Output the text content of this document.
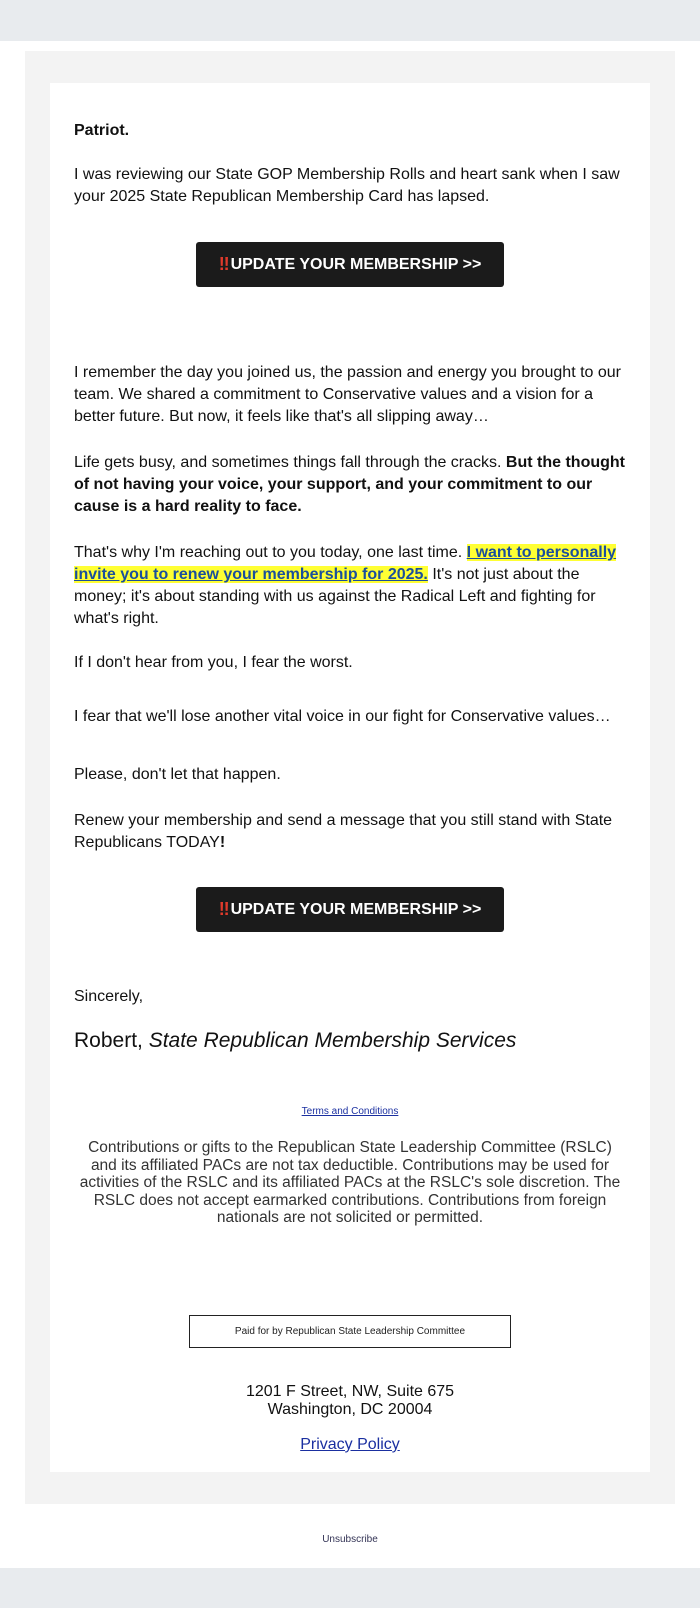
Patriot.

I was reviewing our State GOP Membership Rolls and heart sank when I saw your 2025 State Republican Membership Card has lapsed.

‼ UPDATE YOUR MEMBERSHIP >>

I remember the day you joined us, the passion and energy you brought to our team. We shared a commitment to Conservative values and a vision for a better future. But now, it feels like that's all slipping away…

Life gets busy, and sometimes things fall through the cracks. But the thought of not having your voice, your support, and your commitment to our cause is a hard reality to face.

That's why I'm reaching out to you today, one last time. I want to personally invite you to renew your membership for 2025. It's not just about the money; it's about standing with us against the Radical Left and fighting for what's right.

If I don't hear from you, I fear the worst.

I fear that we'll lose another vital voice in our fight for Conservative values…

Please, don't let that happen.

Renew your membership and send a message that you still stand with State Republicans TODAY!

‼ UPDATE YOUR MEMBERSHIP >>

Sincerely,

Robert, State Republican Membership Services

Terms and Conditions

Contributions or gifts to the Republican State Leadership Committee (RSLC) and its affiliated PACs are not tax deductible. Contributions may be used for activities of the RSLC and its affiliated PACs at the RSLC's sole discretion. The RSLC does not accept earmarked contributions. Contributions from foreign nationals are not solicited or permitted.

Paid for by Republican State Leadership Committee
1201 F Street, NW, Suite 675
Washington, DC 20004
Privacy Policy
Unsubscribe
